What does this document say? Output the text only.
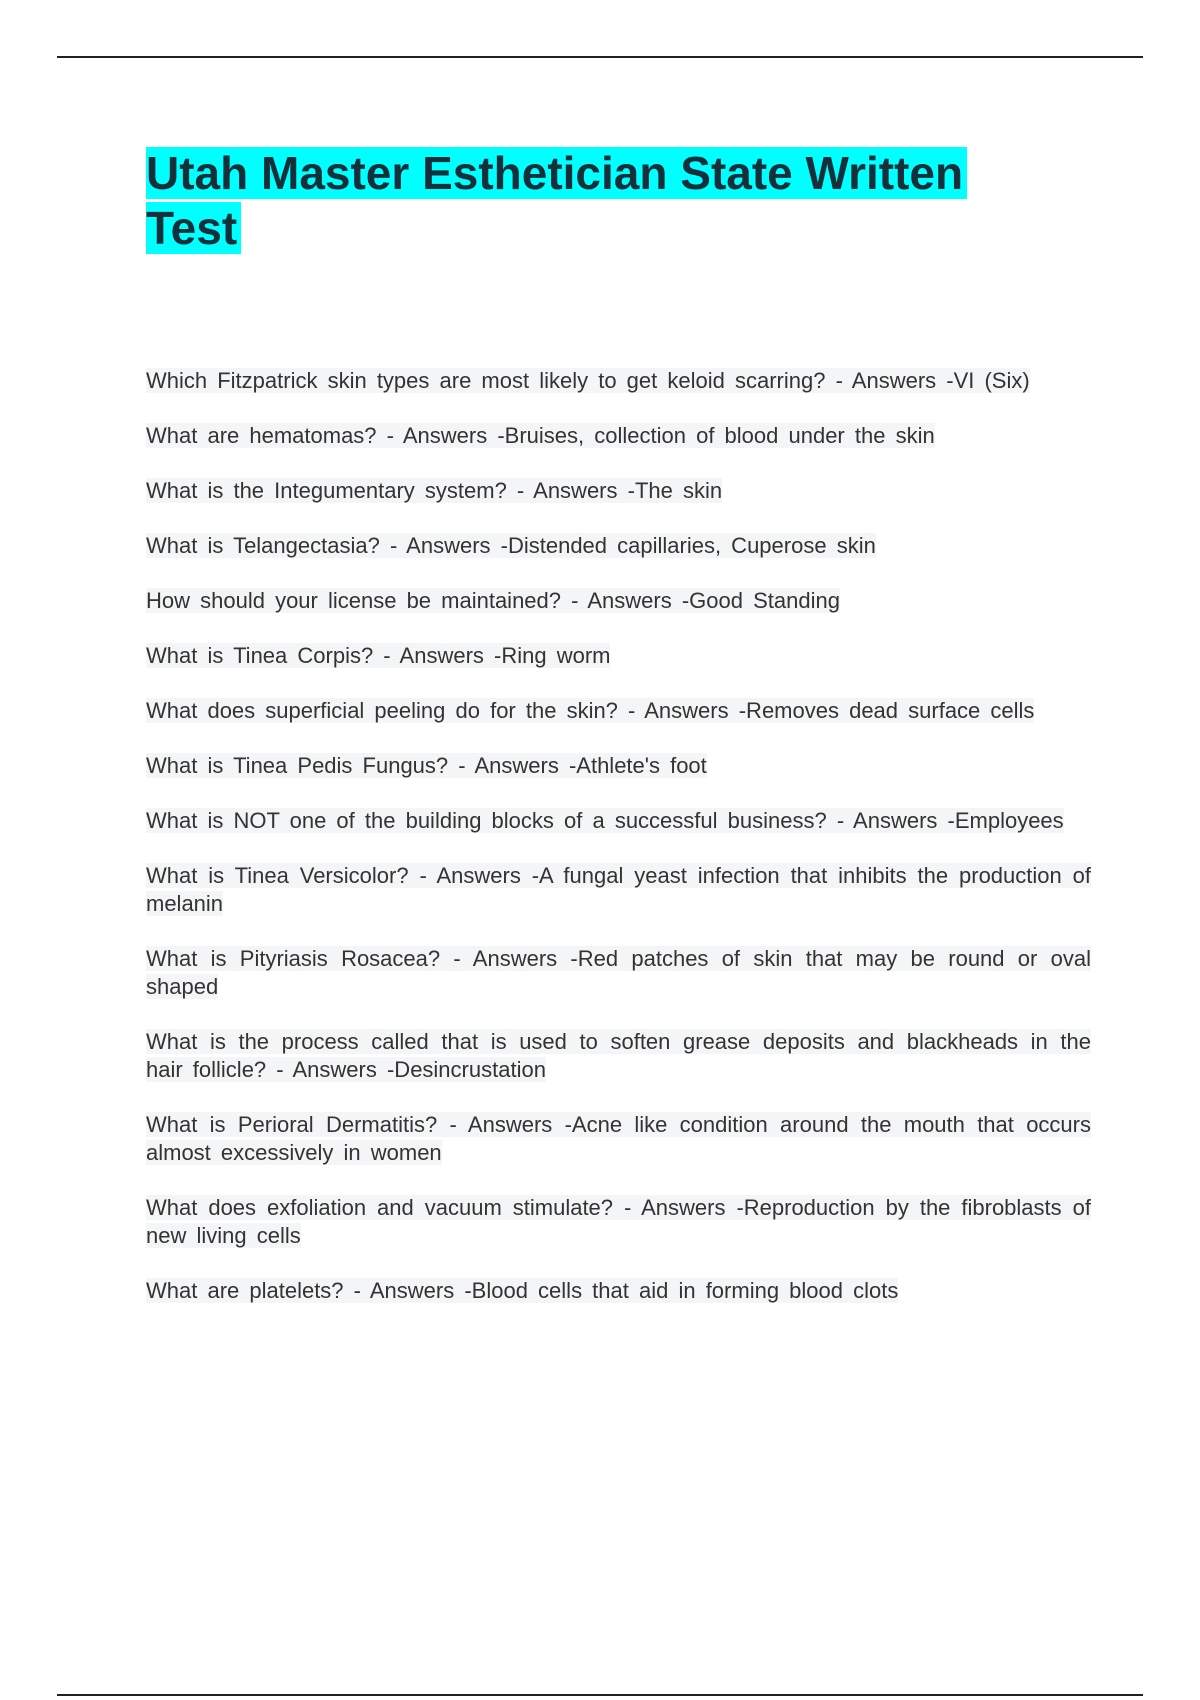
Utah Master Esthetician State Written Test
Which Fitzpatrick skin types are most likely to get keloid scarring? - Answers -VI (Six)
What are hematomas? - Answers -Bruises, collection of blood under the skin
What is the Integumentary system? - Answers -The skin
What is Telangectasia? - Answers -Distended capillaries, Cuperose skin
How should your license be maintained? - Answers -Good Standing
What is Tinea Corpis? - Answers -Ring worm
What does superficial peeling do for the skin? - Answers -Removes dead surface cells
What is Tinea Pedis Fungus? - Answers -Athlete's foot
What is NOT one of the building blocks of a successful business? - Answers -Employees
What is Tinea Versicolor? - Answers -A fungal yeast infection that inhibits the production of melanin
What is Pityriasis Rosacea? - Answers -Red patches of skin that may be round or oval shaped
What is the process called that is used to soften grease deposits and blackheads in the hair follicle? - Answers -Desincrustation
What is Perioral Dermatitis? - Answers -Acne like condition around the mouth that occurs almost excessively in women
What does exfoliation and vacuum stimulate? - Answers -Reproduction by the fibroblasts of new living cells
What are platelets? - Answers -Blood cells that aid in forming blood clots
